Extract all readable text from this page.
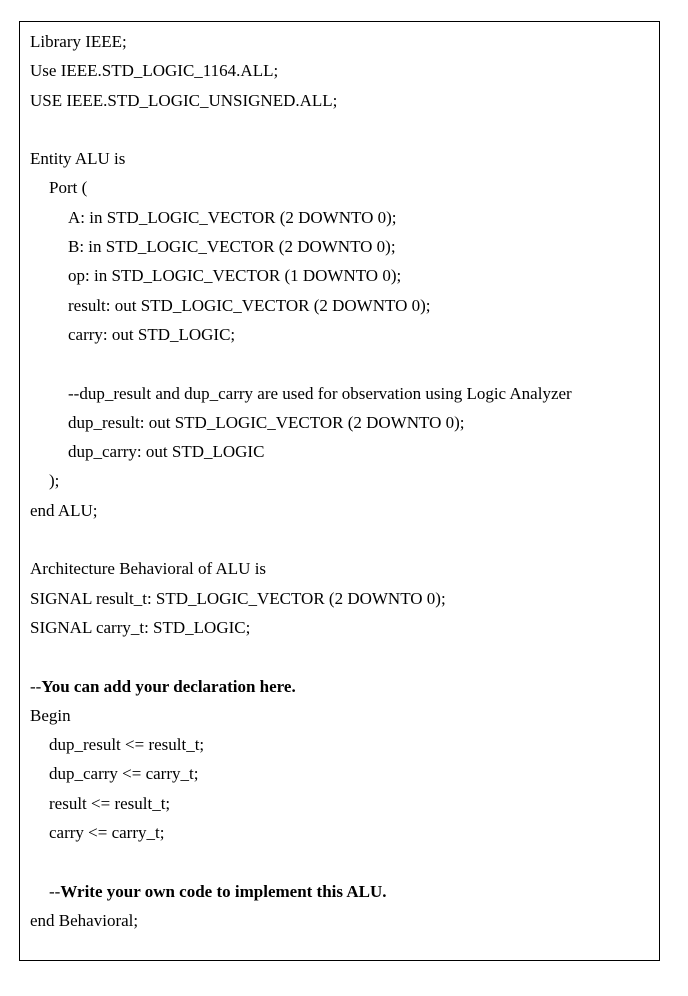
Library IEEE;
Use IEEE.STD_LOGIC_1164.ALL;
USE IEEE.STD_LOGIC_UNSIGNED.ALL;
Entity ALU is
Port (
A: in STD_LOGIC_VECTOR (2 DOWNTO 0);
B: in STD_LOGIC_VECTOR (2 DOWNTO 0);
op: in STD_LOGIC_VECTOR (1 DOWNTO 0);
result: out STD_LOGIC_VECTOR (2 DOWNTO 0);
carry: out STD_LOGIC;
--dup_result and dup_carry are used for observation using Logic Analyzer
dup_result: out STD_LOGIC_VECTOR (2 DOWNTO 0);
dup_carry: out STD_LOGIC
);
end ALU;
Architecture Behavioral of ALU is
SIGNAL result_t: STD_LOGIC_VECTOR (2 DOWNTO 0);
SIGNAL carry_t: STD_LOGIC;
--You can add your declaration here.
Begin
dup_result <= result_t;
dup_carry <= carry_t;
result <= result_t;
carry <= carry_t;
--Write your own code to implement this ALU.
end Behavioral;
